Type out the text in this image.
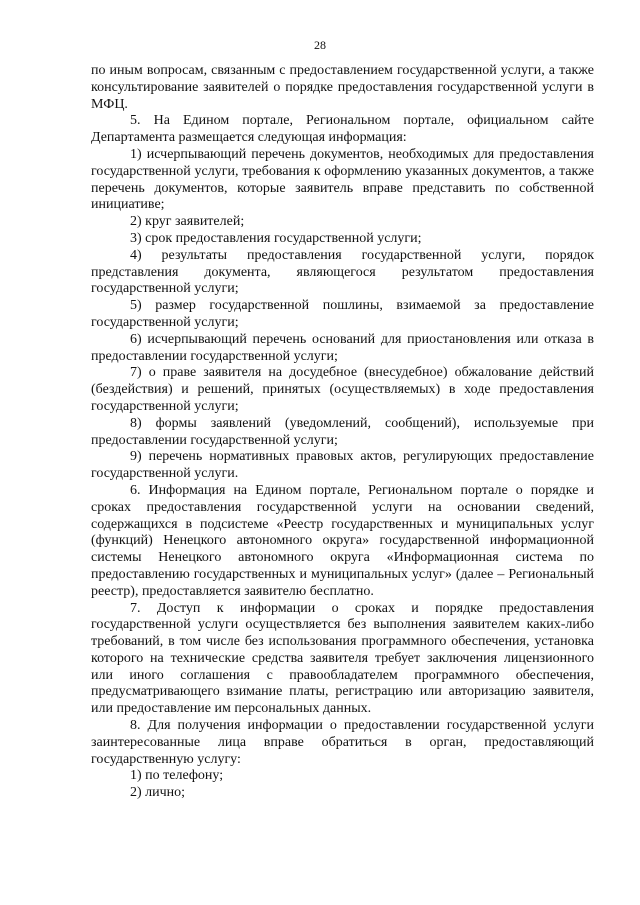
28

по иным вопросам, связанным с предоставлением государственной услуги, а также консультирование заявителей о порядке предоставления государственной услуги в МФЦ.

5. На Едином портале, Региональном портале, официальном сайте Департамента размещается следующая информация:

1) исчерпывающий перечень документов, необходимых для предоставления государственной услуги, требования к оформлению указанных документов, а также перечень документов, которые заявитель вправе представить по собственной инициативе;

2) круг заявителей;

3) срок предоставления государственной услуги;

4) результаты предоставления государственной услуги, порядок представления документа, являющегося результатом предоставления государственной услуги;

5) размер государственной пошлины, взимаемой за предоставление государственной услуги;

6) исчерпывающий перечень оснований для приостановления или отказа в предоставлении государственной услуги;

7) о праве заявителя на досудебное (внесудебное) обжалование действий (бездействия) и решений, принятых (осуществляемых) в ходе предоставления государственной услуги;

8) формы заявлений (уведомлений, сообщений), используемые при предоставлении государственной услуги;

9) перечень нормативных правовых актов, регулирующих предоставление государственной услуги.

6. Информация на Едином портале, Региональном портале о порядке и сроках предоставления государственной услуги на основании сведений, содержащихся в подсистеме «Реестр государственных и муниципальных услуг (функций) Ненецкого автономного округа» государственной информационной системы Ненецкого автономного округа «Информационная система по предоставлению государственных и муниципальных услуг» (далее – Региональный реестр), предоставляется заявителю бесплатно.

7. Доступ к информации о сроках и порядке предоставления государственной услуги осуществляется без выполнения заявителем каких-либо требований, в том числе без использования программного обеспечения, установка которого на технические средства заявителя требует заключения лицензионного или иного соглашения с правообладателем программного обеспечения, предусматривающего взимание платы, регистрацию или авторизацию заявителя, или предоставление им персональных данных.

8. Для получения информации о предоставлении государственной услуги заинтересованные лица вправе обратиться в орган, предоставляющий государственную услугу:

1) по телефону;

2) лично;
